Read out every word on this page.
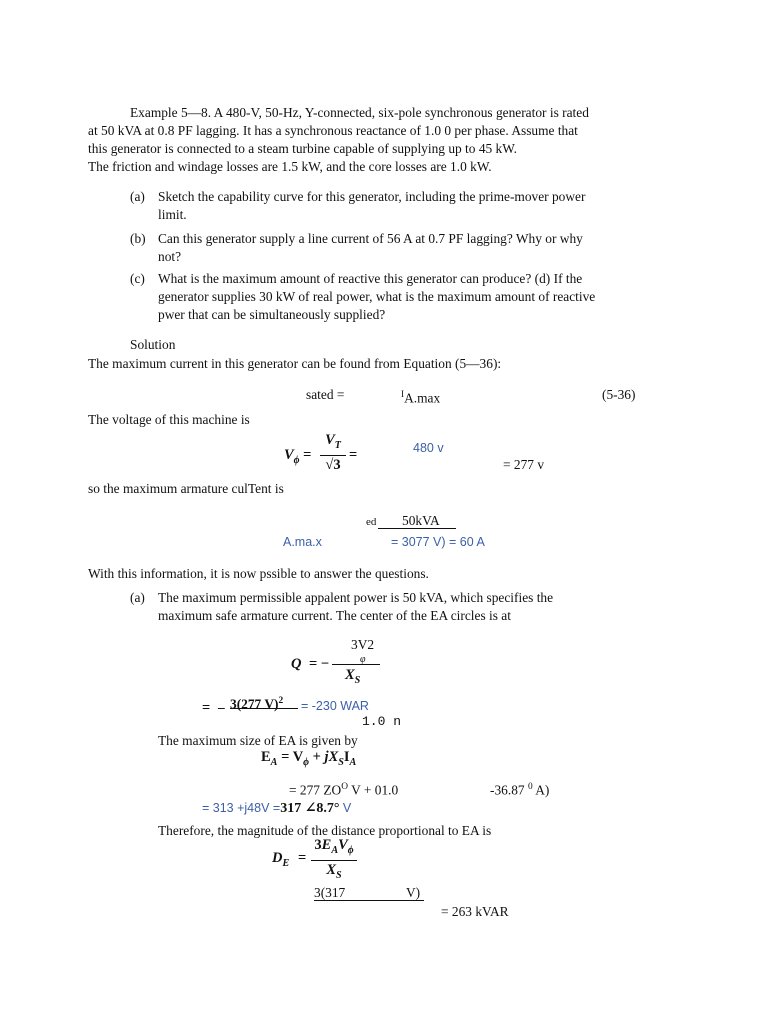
Example 5—8. A 480-V, 50-Hz, Y-connected, six-pole synchronous generator is rated
at 50 kVA at 0.8 PF lagging. It has a synchronous reactance of 1.0 0 per phase. Assume that
this generator is connected to a steam turbine capable of supplying up to 45 kW.
The friction and windage losses are 1.5 kW, and the core losses are 1.0 kW.
(a) Sketch the capability curve for this generator, including the prime-mover power
limit.
(b) Can this generator supply a line current of 56 A at 0.7 PF lagging? Why or why
not?
(c) What is the maximum amount of reactive this generator can produce? (d) If the
generator supplies 30 kW of real power, what is the maximum amount of reactive
pwer that can be simultaneously supplied?
Solution
The maximum current in this generator can be found from Equation (5—36):
sated =	$^I$A.max	(5-36)
The voltage of this machine is
$V_\phi = \frac{V_T}{√3}$ =	480 v
= 277 v
so the maximum armature culTent is
ed 50kVA
A.ma.x	= 3077 V) = 60 A
With this information, it is now pssible to answer the questions.
(a) The maximum permissible appalent power is 50 kVA, which specifies the
maximum safe armature current. The center of the EA circles is at
3V2
φ
Q = −
$X_S$
= _ 3(277 V)$^2$ = -230 WAR
1.0 n
The maximum size of EA is given by
$E_A = V_\phi + jX_SI_A$
= 277 $ZO^O$ V + 01.0	-36.87 $^0$ A)
= 313 +j48V =317 ∠8.7° V
Therefore, the magnitude of the distance proportional to EA is
$D_E$ =
$3E_AV_\phi$
$X_S$
3(317	V)
= 263 kVAR
